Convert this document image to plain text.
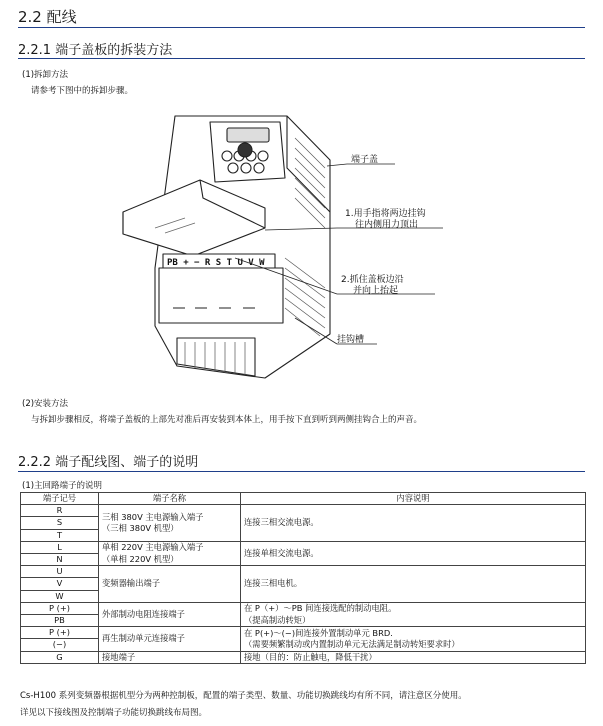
2.2 配线
2.2.1 端子盖板的拆装方法
(1)拆卸方法
请参考下图中的拆卸步骤。
PB + − R S T U V W
端子盖
1.用手指将两边挂钩
往内侧用力顶出
2.抓住盖板边沿
并向上抬起
挂钩槽
(2)安装方法
与拆卸步骤相反，将端子盖板的上部先对准后再安装到本体上，用手按下直到听到两侧挂钩合上的声音。
2.2.2 端子配线图、端子的说明
(1)主回路端子的说明
端子记号	端子名称	内容说明
R	三相 380V 主电源输入端子
（三相 380V 机型）	连接三相交流电源。
S		
T		
L	单相 220V 主电源输入端子
（单相 220V 机型）	连接单相交流电源。
N		
U	变频器输出端子	连接三相电机。
V		
W		
P (+)	外部制动电阻连接端子	在 P（+）～PB 间连接选配的制动电阻。
（提高制动转矩）

PB		
P (+)	再生制动单元连接端子	在 P(+)～(−)间连接外置制动单元 BRD.
（需要频繁制动或内置制动单元无法满足制动转矩要求时）

(−)		
G	接地端子	接地（目的：防止触电，降低干扰）
Cs-H100 系列变频器根据机型分为两种控制板，配置的端子类型、数量、功能切换跳线均有所不同，请注意区分使用。
详见以下接线图及控制端子功能切换跳线布局图。
